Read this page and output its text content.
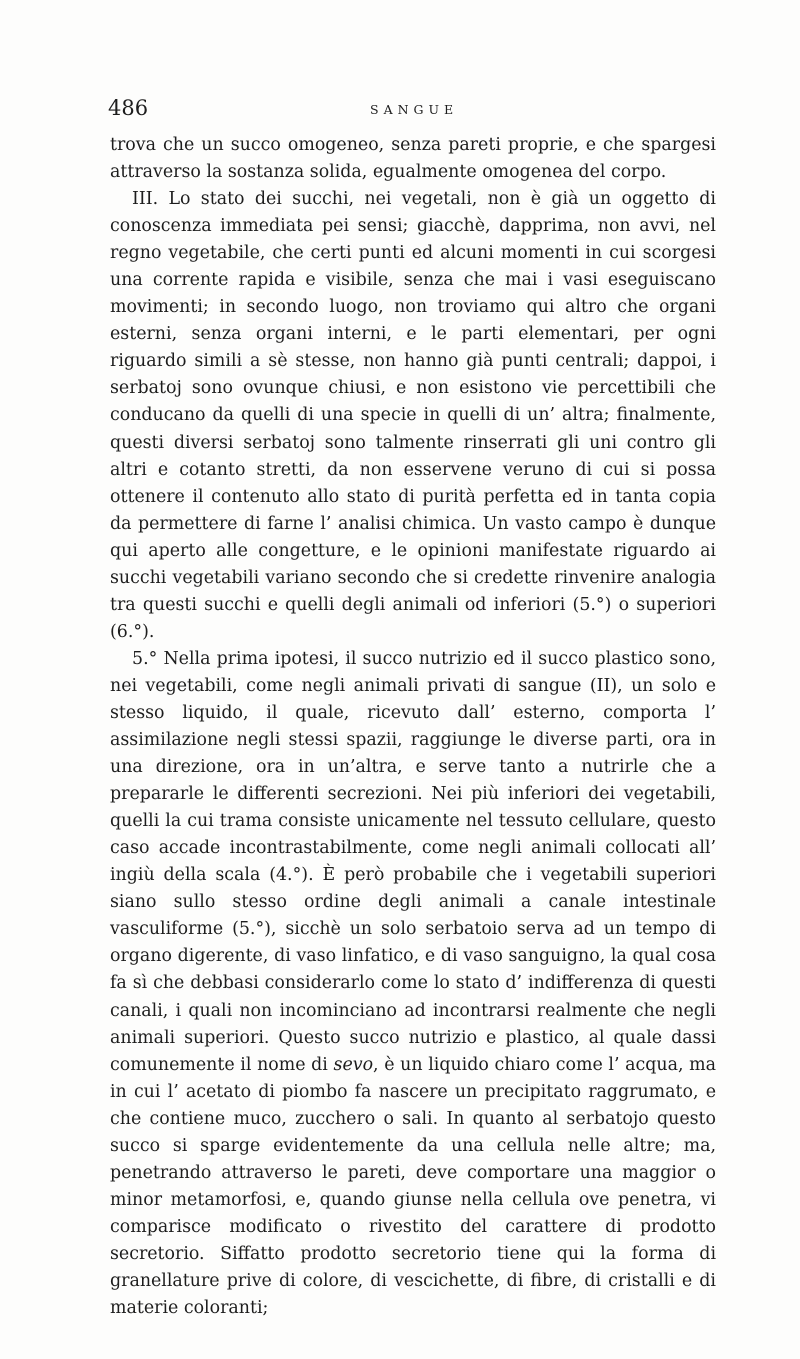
486	SANGUE

trova che un succo omogeneo, senza pareti proprie, e che spargesi attraverso la sostanza solida, egualmente omogenea del corpo.

III. Lo stato dei succhi, nei vegetali, non è già un oggetto di conoscenza immediata pei sensi; giacchè, dapprima, non avvi, nel regno vegetabile, che certi punti ed alcuni momenti in cui scorgesi una corrente rapida e visibile, senza che mai i vasi eseguiscano movimenti; in secondo luogo, non troviamo qui altro che organi esterni, senza organi interni, e le parti elementari, per ogni riguardo simili a sè stesse, non hanno già punti centrali; dappoi, i serbatoj sono ovunque chiusi, e non esistono vie percettibili che conducano da quelli di una specie in quelli di un’ altra; finalmente, questi diversi serbatoj sono talmente rinserrati gli uni contro gli altri e cotanto stretti, da non esservene veruno di cui si possa ottenere il contenuto allo stato di purità perfetta ed in tanta copia da permettere di farne l’ analisi chimica. Un vasto campo è dunque qui aperto alle congetture, e le opinioni manifestate riguardo ai succhi vegetabili variano secondo che si credette rinvenire analogia tra questi succhi e quelli degli animali od inferiori (5.°) o superiori (6.°).

5.° Nella prima ipotesi, il succo nutrizio ed il succo plastico sono, nei vegetabili, come negli animali privati di sangue (II), un solo e stesso liquido, il quale, ricevuto dall’ esterno, comporta l’ assimilazione negli stessi spazii, raggiunge le diverse parti, ora in una direzione, ora in un’altra, e serve tanto a nutrirle che a prepararle le differenti secrezioni. Nei più inferiori dei vegetabili, quelli la cui trama consiste unicamente nel tessuto cellulare, questo caso accade incontrastabilmente, come negli animali collocati all’ ingiù della scala (4.°). È però probabile che i vegetabili superiori siano sullo stesso ordine degli animali a canale intestinale vasculiforme (5.°), sicchè un solo serbatoio serva ad un tempo di organo digerente, di vaso linfatico, e di vaso sanguigno, la qual cosa fa sì che debbasi considerarlo come lo stato d’ indifferenza di questi canali, i quali non incominciano ad incontrarsi realmente che negli animali superiori. Questo succo nutrizio e plastico, al quale dassi comunemente il nome di sevo, è un liquido chiaro come l’ acqua, ma in cui l’ acetato di piombo fa nascere un precipitato raggrumato, e che contiene muco, zucchero o sali. In quanto al serbatojo questo succo si sparge evidentemente da una cellula nelle altre; ma, penetrando attraverso le pareti, deve comportare una maggior o minor metamorfosi, e, quando giunse nella cellula ove penetra, vi comparisce modificato o rivestito del carattere di prodotto secretorio. Siffatto prodotto secretorio tiene qui la forma di granellature prive di colore, di vescichette, di fibre, di cristalli e di materie coloranti;
